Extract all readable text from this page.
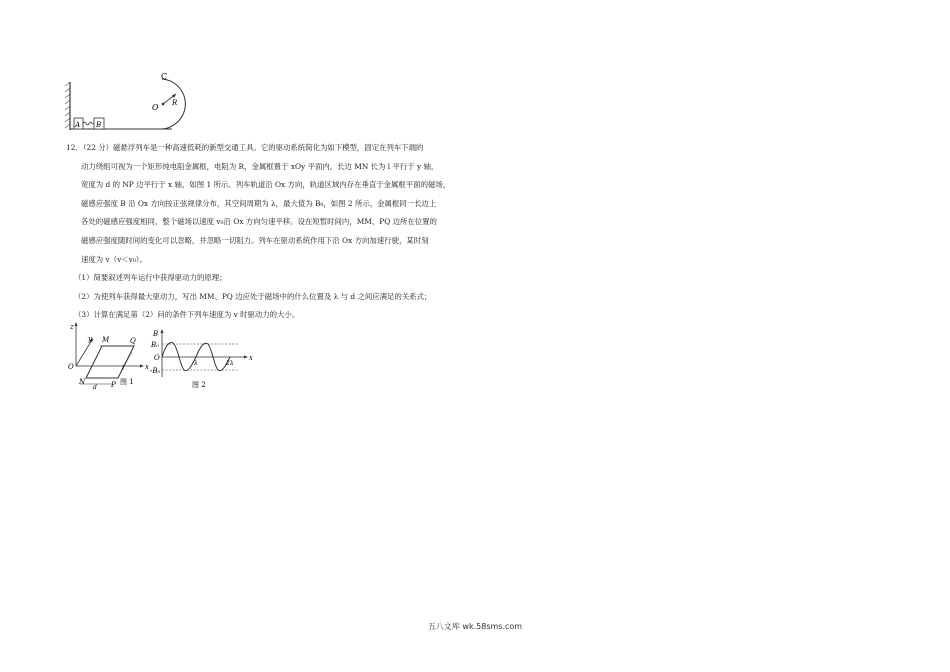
C
O R
A B

12．（22 分）磁悬浮列车是一种高速低耗的新型交通工具。它的驱动系统简化为如下模型，固定在列车下端的

动力绕组可视为一个矩形纯电阻金属框，电阻为 R，金属框置于 xOy 平面内，长边 MN 长为 l 平行于 y 轴，

宽度为 d 的 NP 边平行于 x 轴，如图 1 所示。列车轨道沿 Ox 方向，轨道区域内存在垂直于金属框平面的磁场，

磁感应强度 B 沿 Ox 方向按正弦规律分布，其空间周期为 λ，最大值为 B₀，如图 2 所示，金属框同一长边上

各处的磁感应强度相同，整个磁场以速度 v₀沿 Ox 方向匀速平移。设在短暂时间内，MM、PQ 边所在位置的

磁感应强度随时间的变化可以忽略，并忽略一切阻力。列车在驱动系统作用下沿 Ox 方向加速行驶，某时刻

速度为 v（v＜v₀）。

（1）简要叙述列车运行中获得驱动力的原理；

（2）为使列车获得最大驱动力，写出 MM、PQ 边应处于磁场中的什么位置及 λ 与 d 之间应满足的关系式；

（3）计算在满足第（2）问的条件下列车速度为 v 时驱动力的大小。

z
x
y
O
M	Q
N	P
l
d
图 1
B
x
O
B₀
-B₀
λ	2λ
图 2
五八文库 wk.58sms.com
